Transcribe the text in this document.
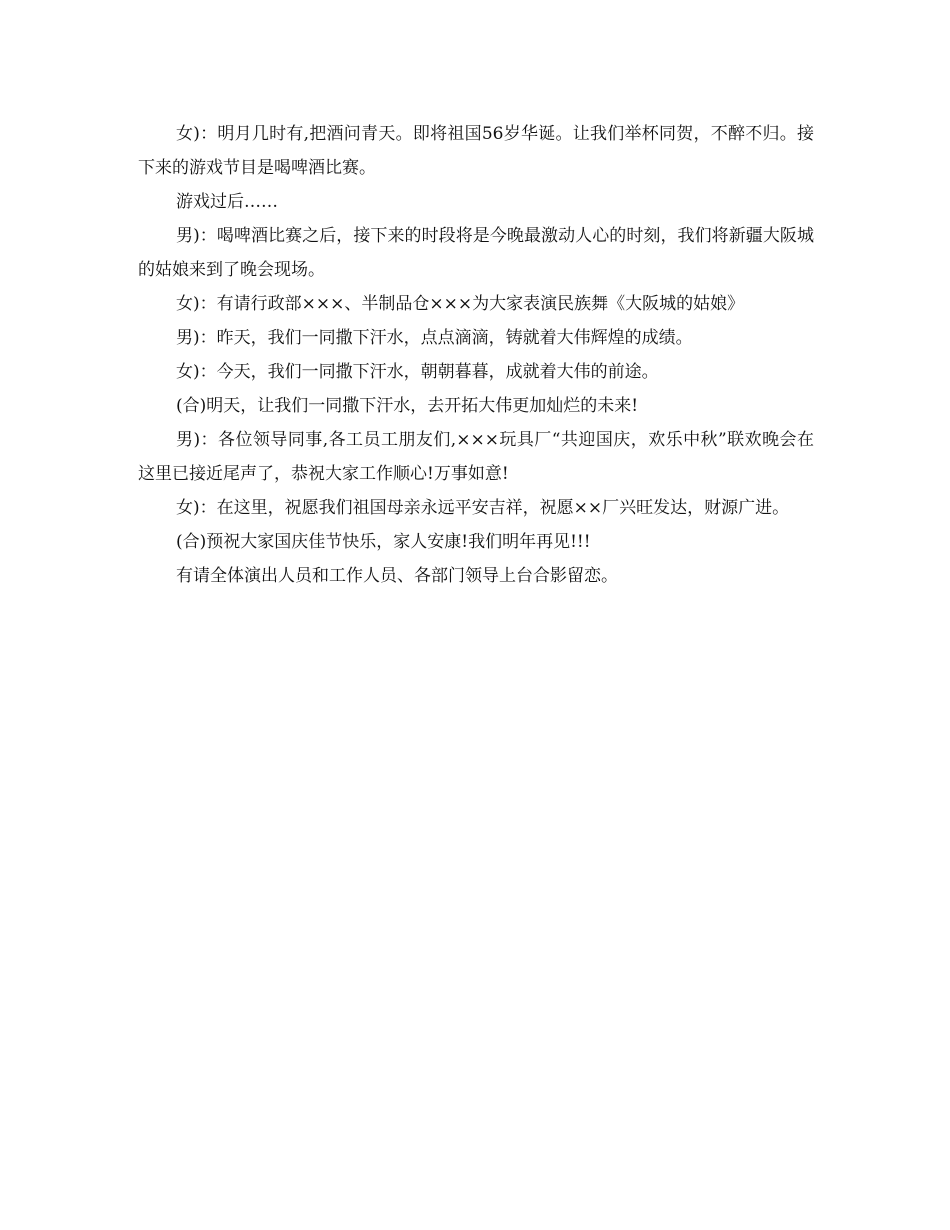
女)：明月几时有,把酒问青天。即将祖国56岁华诞。让我们举杯同贺，不醉不归。接下来的游戏节目是喝啤酒比赛。

游戏过后……

男)：喝啤酒比赛之后，接下来的时段将是今晚最激动人心的时刻，我们将新疆大阪城的姑娘来到了晚会现场。

女)：有请行政部×××、半制品仓×××为大家表演民族舞《大阪城的姑娘》

男)：昨天，我们一同撒下汗水，点点滴滴，铸就着大伟辉煌的成绩。

女)：今天，我们一同撒下汗水，朝朝暮暮，成就着大伟的前途。

(合)明天，让我们一同撒下汗水，去开拓大伟更加灿烂的未来!

男)：各位领导同事,各工员工朋友们,×××玩具厂“共迎国庆，欢乐中秋”联欢晚会在这里已接近尾声了，恭祝大家工作顺心!万事如意!

女)：在这里，祝愿我们祖国母亲永远平安吉祥，祝愿××厂兴旺发达，财源广进。

(合)预祝大家国庆佳节快乐，家人安康!我们明年再见!!!

有请全体演出人员和工作人员、各部门领导上台合影留恋。
